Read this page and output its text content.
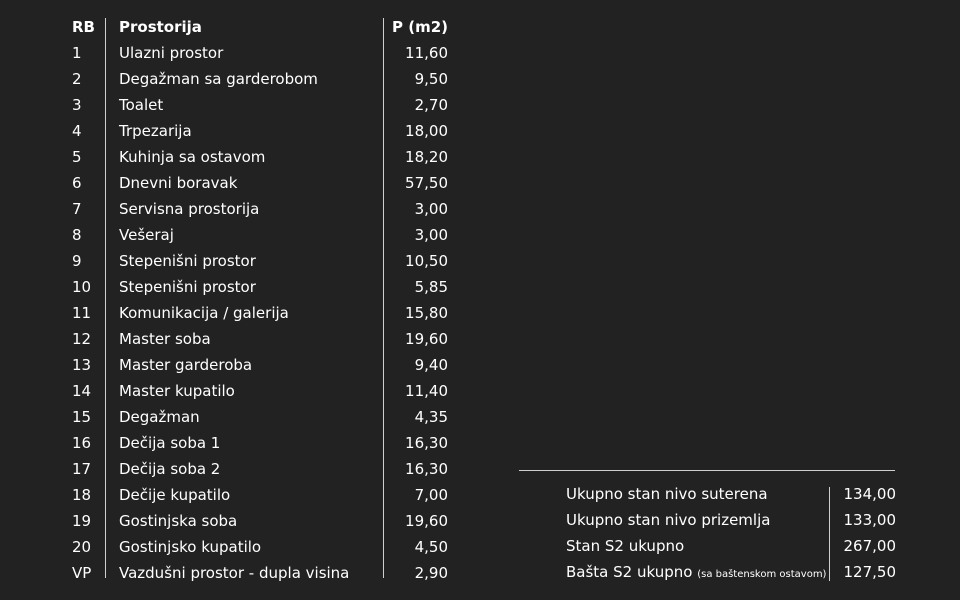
RB	Prostorija	P (m2)
1	Ulazni prostor	11,60
2	Degažman sa garderobom	9,50
3	Toalet	2,70
4	Trpezarija	18,00
5	Kuhinja sa ostavom	18,20
6	Dnevni boravak	57,50
7	Servisna prostorija	3,00
8	Vešeraj	3,00
9	Stepenišni prostor	10,50
10	Stepenišni prostor	5,85
11	Komunikacija / galerija	15,80
12	Master soba	19,60
13	Master garderoba	9,40
14	Master kupatilo	11,40
15	Degažman	4,35
16	Dečija soba 1	16,30
17	Dečija soba 2	16,30
18	Dečije kupatilo	7,00
19	Gostinjska soba	19,60
20	Gostinjsko kupatilo	4,50
VP	Vazdušni prostor - dupla visina	2,90
Ukupno stan nivo suterena	134,00
Ukupno stan nivo prizemlja	133,00
Stan S2 ukupno	267,00
Bašta S2 ukupno (sa baštenskom ostavom) 127,50
